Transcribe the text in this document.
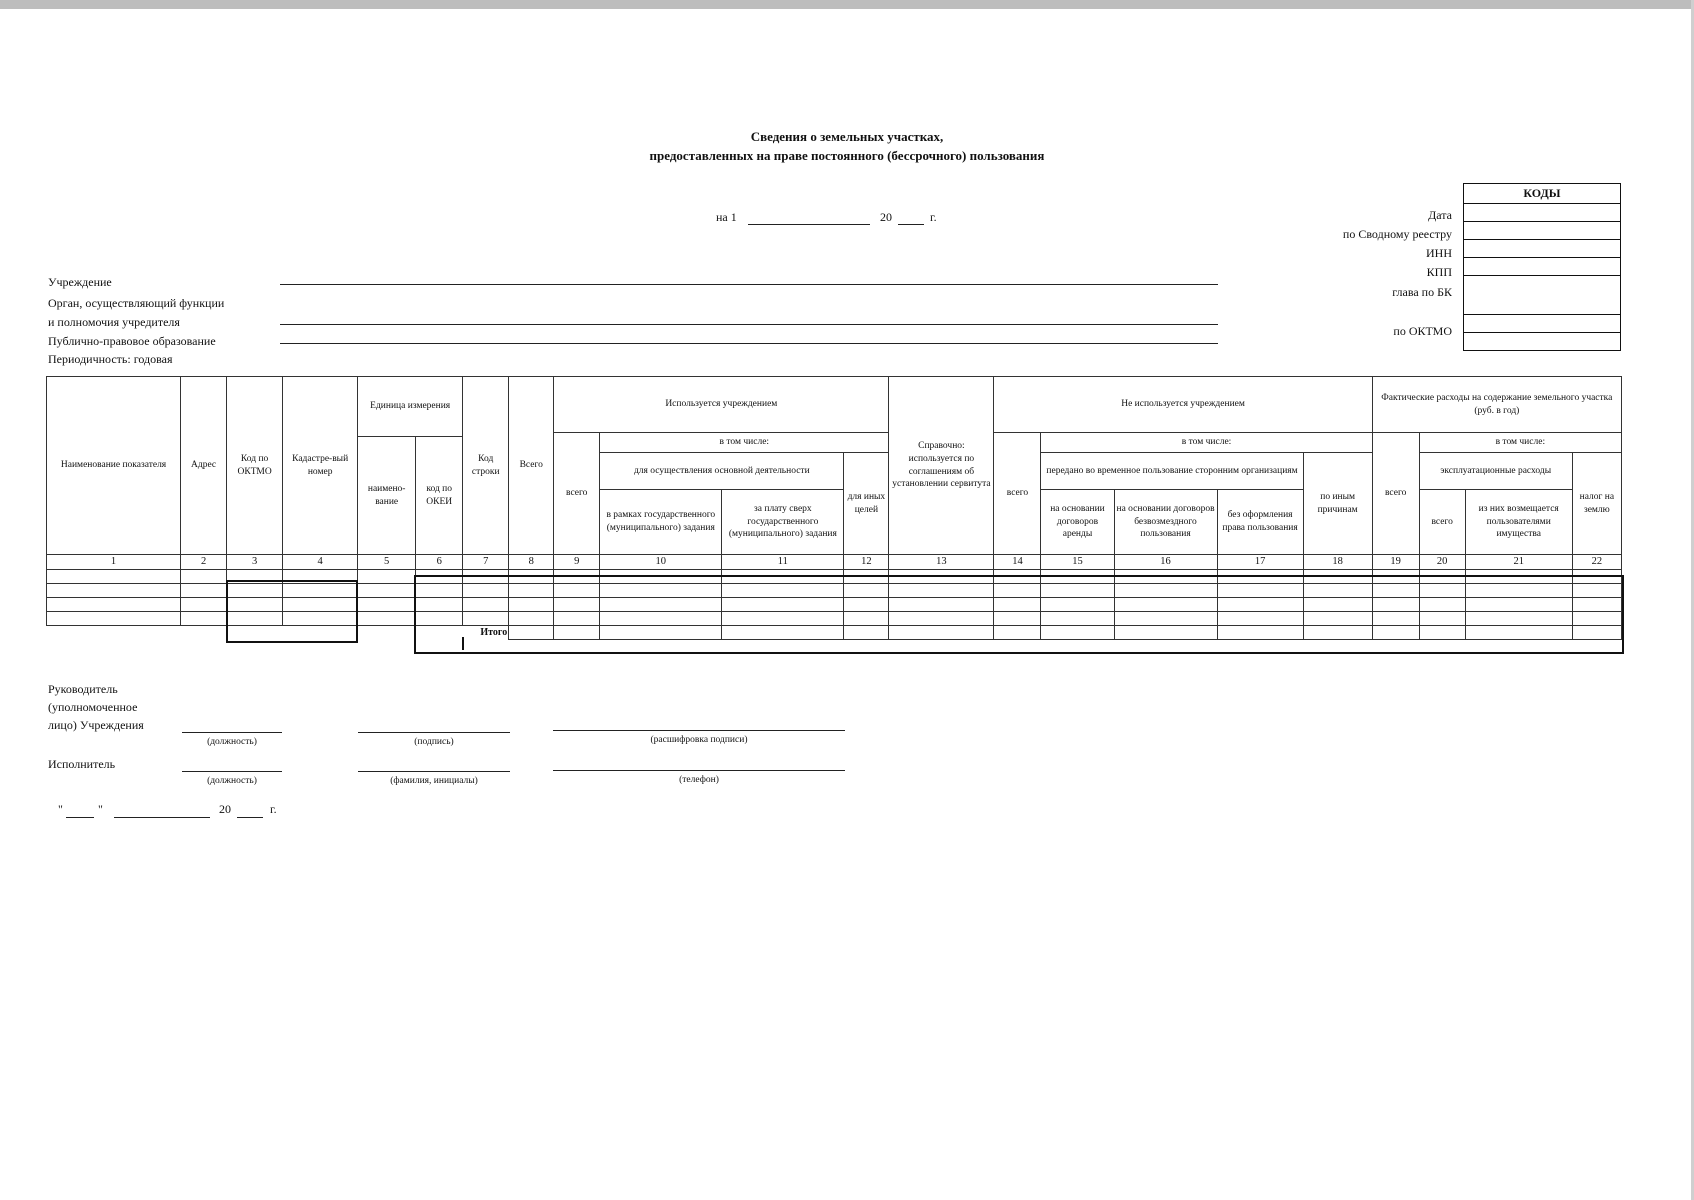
Сведения о земельных участках,
предоставленных на праве постоянного (бессрочного) пользования
на 1	20	г.	Дата
по Сводному реестру
ИНН
КПП
глава по БК
по ОКТМО
КОДЫ

Учреждение
Орган, осуществляющий функции
и полномочия учредителя
Публично-правовое образование
Периодичность: годовая
Наименование показателя	Адрес	Код по ОКТМО	Кадастре-вый номер	Единица измерения		Код строки	Всего	Используется учреждением				Справочно: используется по соглашениям об установлении сервитута	Не используется учреждением					Фактические расходы на содержание земельного участка (руб. в год)			
								всего	в том числе:				всего	в том числе:				всего	в том числе:		
				наимено-вание	код по ОКЕИ																
									для осуществления основной деятельности		для иных целей			передано во временное пользование сторонним организациям			по иным причинам		эксплуатационные расходы		налог на землю

									в рамках государственного (муниципального) задания	за плату сверх государственного (муниципального) задания				на основании договоров аренды	на основании договоров безвозмездного пользования	без оформления права пользования			всего	из них возмещается пользователями имущества	
1	2	3	4	5	6	7	8	9	10	11	12	13	14	15	16	17	18	19	20	21	22

					Итого																
Руководитель
(уполномоченное
лицо) Учреждения
(должность)	(подпись)	(расшифровка подписи)
Исполнитель
(должность)	(фамилия, инициалы)	(телефон)
"	"	20	г.
